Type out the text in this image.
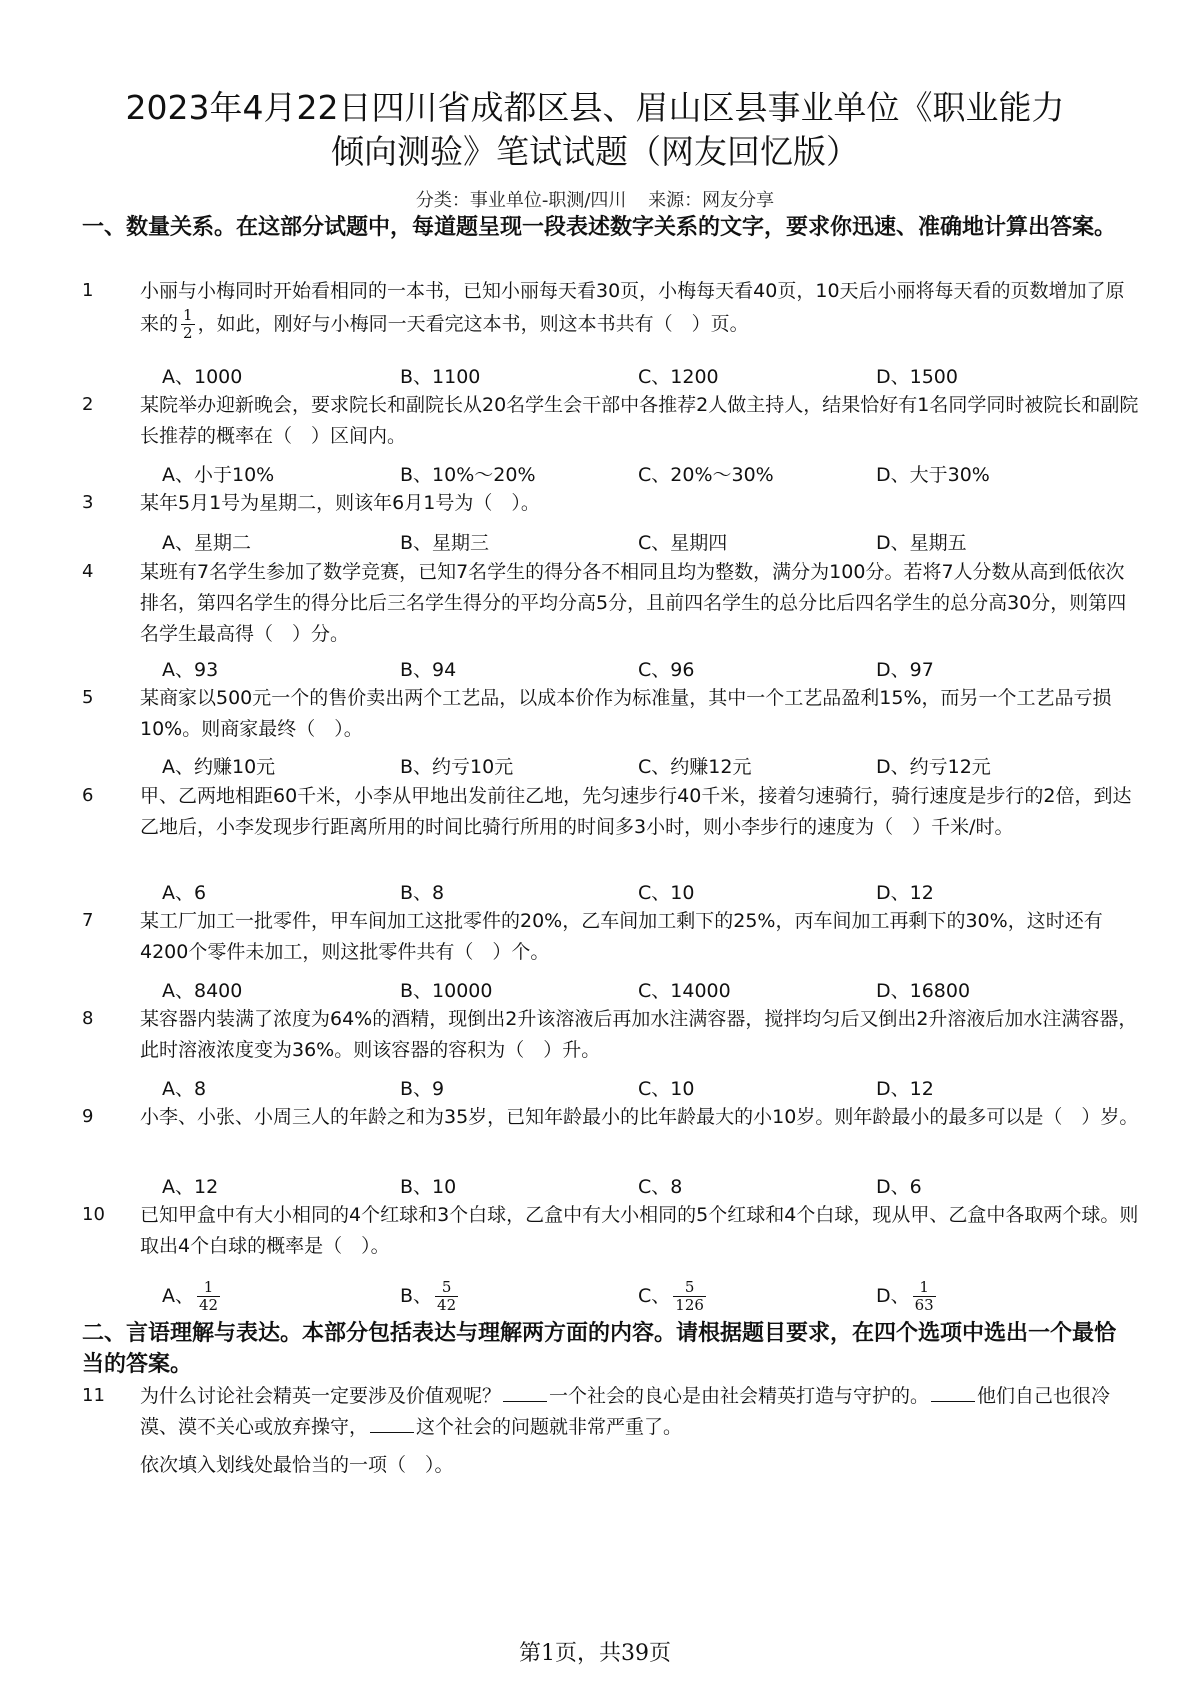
2023年4月22日四川省成都区县、眉山区县事业单位《职业能力
倾向测验》笔试试题（网友回忆版）
分类：事业单位-职测/四川 来源：网友分享
一、数量关系。在这部分试题中，每道题呈现一段表述数字关系的文字，要求你迅速、准确地计算出答案。
1 小丽与小梅同时开始看相同的一本书，已知小丽每天看30页，小梅每天看40页，10天后小丽将每天看的页数增加了原来的 $\frac{1}{2}$ ，如此，刚好与小梅同一天看完这本书，则这本书共有（　）页。
A、1000	B、1100	C、1200	D、1500
2 某院举办迎新晚会，要求院长和副院长从20名学生会干部中各推荐2人做主持人，结果恰好有1名同学同时被院长和副院长推荐的概率在（　）区间内。
A、小于10%	B、10%～20%	C、20%～30%	D、大于30%
3 某年5月1号为星期二，则该年6月1号为（　）。
A、星期二	B、星期三	C、星期四	D、星期五
4 某班有7名学生参加了数学竞赛，已知7名学生的得分各不相同且均为整数，满分为100分。若将7人分数从高到低依次排名，第四名学生的得分比后三名学生得分的平均分高5分，且前四名学生的总分比后四名学生的总分高30分，则第四名学生最高得（　）分。
A、93	B、94	C、96	D、97
5 某商家以500元一个的售价卖出两个工艺品，以成本价作为标准量，其中一个工艺品盈利15%，而另一个工艺品亏损10%。则商家最终（　）。
A、约赚10元	B、约亏10元	C、约赚12元	D、约亏12元
6 甲、乙两地相距60千米，小李从甲地出发前往乙地，先匀速步行40千米，接着匀速骑行，骑行速度是步行的2倍，到达乙地后，小李发现步行距离所用的时间比骑行所用的时间多3小时，则小李步行的速度为（　）千米/时。
A、6	B、8	C、10	D、12
7 某工厂加工一批零件，甲车间加工这批零件的20%，乙车间加工剩下的25%，丙车间加工再剩下的30%，这时还有4200个零件未加工，则这批零件共有（　）个。
A、8400	B、10000	C、14000	D、16800
8 某容器内装满了浓度为64%的酒精，现倒出2升该溶液后再加水注满容器，搅拌均匀后又倒出2升溶液后加水注满容器，此时溶液浓度变为36%。则该容器的容积为（　）升。
A、8	B、9	C、10	D、12
9 小李、小张、小周三人的年龄之和为35岁，已知年龄最小的比年龄最大的小10岁。则年龄最小的最多可以是（　）岁。
A、12	B、10	C、8	D、6
10 已知甲盒中有大小相同的4个红球和3个白球，乙盒中有大小相同的5个红球和4个白球，现从甲、乙盒中各取两个球。则取出4个白球的概率是（　）。
A、 $\frac{1}{42}$	B、 $\frac{5}{42}$	C、 $\frac{5}{126}$	D、 $\frac{1}{63}$
二、言语理解与表达。本部分包括表达与理解两方面的内容。请根据题目要求，在四个选项中选出一个最恰当的答案。
11 为什么讨论社会精英一定要涉及价值观呢？	一个社会的良心是由社会精英打造与守护的。	他们自己也很冷漠、漠不关心或放弃操守，	这个社会的问题就非常严重了。
依次填入划线处最恰当的一项（　）。
第1页，共39页
